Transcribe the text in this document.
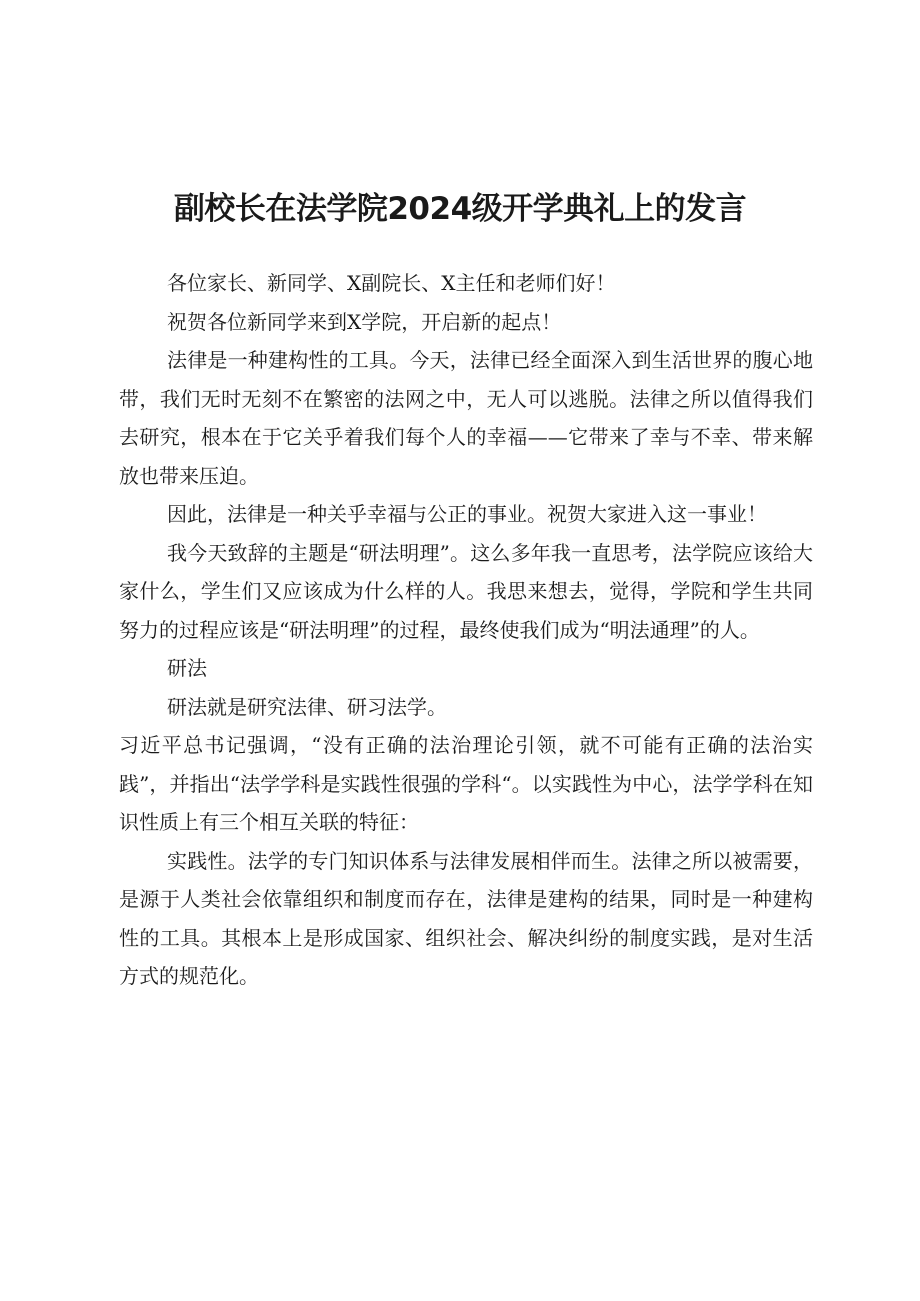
副校长在法学院2024级开学典礼上的发言

各位家长、新同学、X副院长、X主任和老师们好！

祝贺各位新同学来到X学院，开启新的起点！

法律是一种建构性的工具。今天，法律已经全面深入到生活世界的腹心地带，我们无时无刻不在繁密的法网之中，无人可以逃脱。法律之所以值得我们去研究，根本在于它关乎着我们每个人的幸福——它带来了幸与不幸、带来解放也带来压迫。

因此，法律是一种关乎幸福与公正的事业。祝贺大家进入这一事业！

我今天致辞的主题是“研法明理”。这么多年我一直思考，法学院应该给大家什么，学生们又应该成为什么样的人。我思来想去，觉得，学院和学生共同努力的过程应该是“研法明理”的过程，最终使我们成为“明法通理”的人。

研法

研法就是研究法律、研习法学。

习近平总书记强调，“没有正确的法治理论引领，就不可能有正确的法治实践”，并指出“法学学科是实践性很强的学科“。以实践性为中心，法学学科在知识性质上有三个相互关联的特征：

实践性。法学的专门知识体系与法律发展相伴而生。法律之所以被需要，是源于人类社会依靠组织和制度而存在，法律是建构的结果，同时是一种建构性的工具。其根本上是形成国家、组织社会、解决纠纷的制度实践，是对生活方式的规范化。
